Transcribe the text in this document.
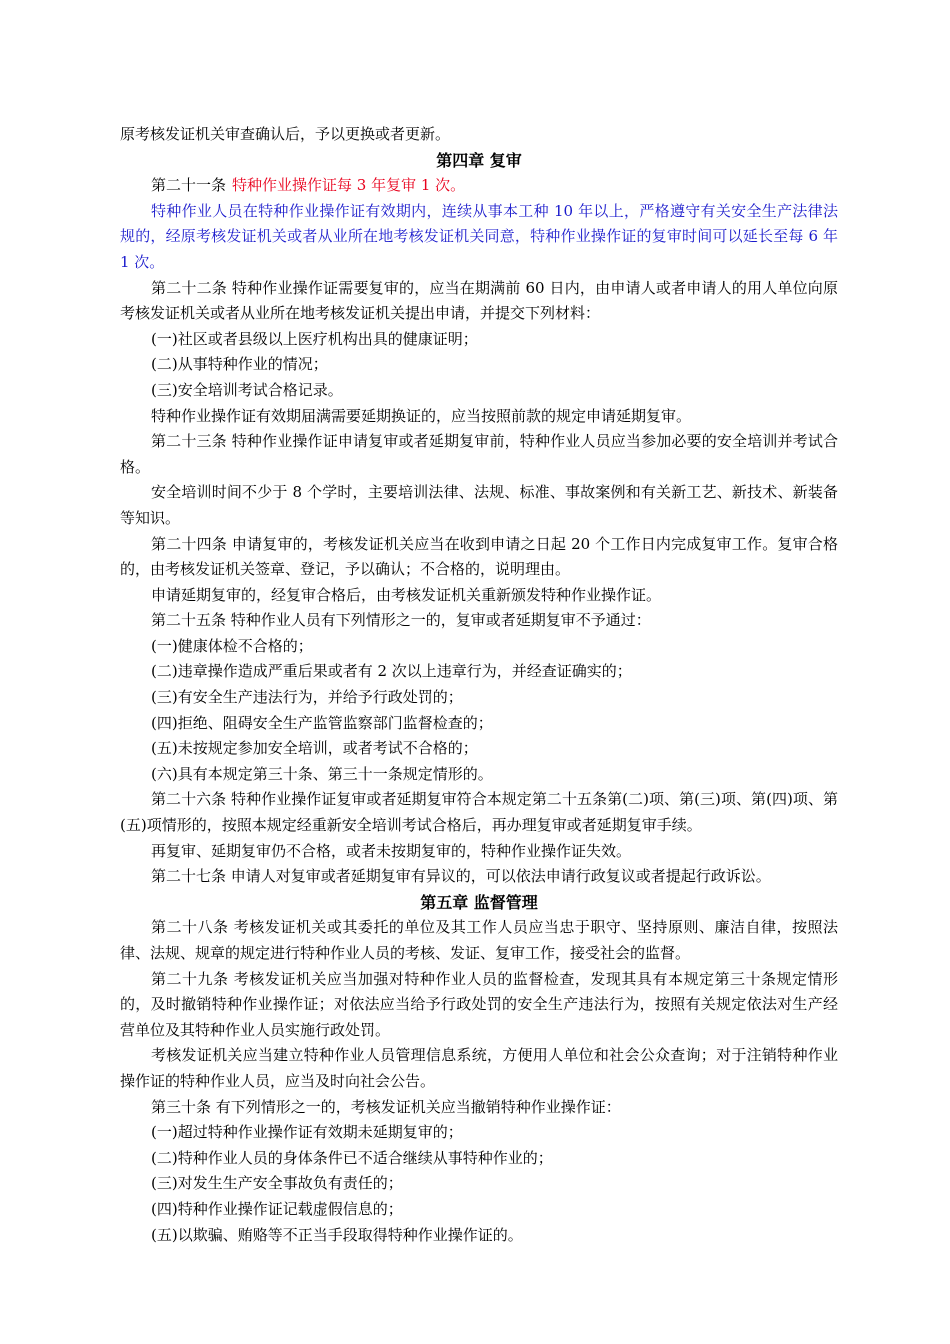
原考核发证机关审查确认后，予以更换或者更新。

第四章 复审

第二十一条 特种作业操作证每 3 年复审 1 次。

特种作业人员在特种作业操作证有效期内，连续从事本工种 10 年以上，严格遵守有关安全生产法律法规的，经原考核发证机关或者从业所在地考核发证机关同意，特种作业操作证的复审时间可以延长至每 6 年 1 次。

第二十二条 特种作业操作证需要复审的，应当在期满前 60 日内，由申请人或者申请人的用人单位向原考核发证机关或者从业所在地考核发证机关提出申请，并提交下列材料：

(一)社区或者县级以上医疗机构出具的健康证明；

(二)从事特种作业的情况；

(三)安全培训考试合格记录。

特种作业操作证有效期届满需要延期换证的，应当按照前款的规定申请延期复审。

第二十三条 特种作业操作证申请复审或者延期复审前，特种作业人员应当参加必要的安全培训并考试合格。

安全培训时间不少于 8 个学时，主要培训法律、法规、标准、事故案例和有关新工艺、新技术、新装备等知识。

第二十四条 申请复审的，考核发证机关应当在收到申请之日起 20 个工作日内完成复审工作。复审合格的，由考核发证机关签章、登记，予以确认；不合格的，说明理由。

申请延期复审的，经复审合格后，由考核发证机关重新颁发特种作业操作证。

第二十五条 特种作业人员有下列情形之一的，复审或者延期复审不予通过：

(一)健康体检不合格的；

(二)违章操作造成严重后果或者有 2 次以上违章行为，并经查证确实的；

(三)有安全生产违法行为，并给予行政处罚的；

(四)拒绝、阻碍安全生产监管监察部门监督检查的；

(五)未按规定参加安全培训，或者考试不合格的；

(六)具有本规定第三十条、第三十一条规定情形的。

第二十六条 特种作业操作证复审或者延期复审符合本规定第二十五条第(二)项、第(三)项、第(四)项、第(五)项情形的，按照本规定经重新安全培训考试合格后，再办理复审或者延期复审手续。

再复审、延期复审仍不合格，或者未按期复审的，特种作业操作证失效。

第二十七条 申请人对复审或者延期复审有异议的，可以依法申请行政复议或者提起行政诉讼。

第五章 监督管理

第二十八条 考核发证机关或其委托的单位及其工作人员应当忠于职守、坚持原则、廉洁自律，按照法律、法规、规章的规定进行特种作业人员的考核、发证、复审工作，接受社会的监督。

第二十九条 考核发证机关应当加强对特种作业人员的监督检查，发现其具有本规定第三十条规定情形的，及时撤销特种作业操作证；对依法应当给予行政处罚的安全生产违法行为，按照有关规定依法对生产经营单位及其特种作业人员实施行政处罚。

考核发证机关应当建立特种作业人员管理信息系统，方便用人单位和社会公众查询；对于注销特种作业操作证的特种作业人员，应当及时向社会公告。

第三十条 有下列情形之一的，考核发证机关应当撤销特种作业操作证：

(一)超过特种作业操作证有效期未延期复审的；

(二)特种作业人员的身体条件已不适合继续从事特种作业的；

(三)对发生生产安全事故负有责任的；

(四)特种作业操作证记载虚假信息的；

(五)以欺骗、贿赂等不正当手段取得特种作业操作证的。
